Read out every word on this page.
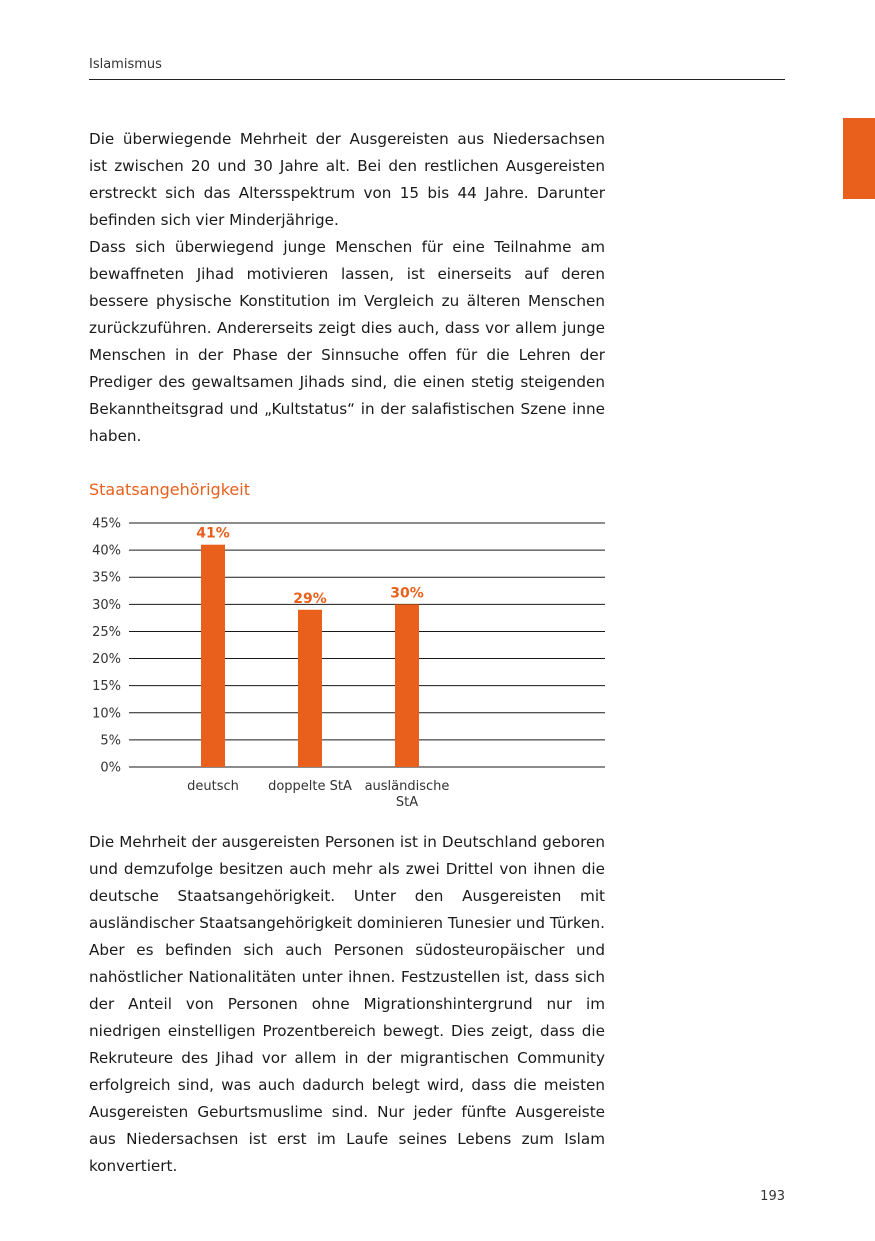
Islamismus
Die überwiegende Mehrheit der Ausgereisten aus Niedersachsen ist zwischen 20 und 30 Jahre alt. Bei den restlichen Ausgereisten erstreckt sich das Altersspektrum von 15 bis 44 Jahre. Darunter befinden sich vier Minderjährige.
Dass sich überwiegend junge Menschen für eine Teilnahme am bewaffneten Jihad motivieren lassen, ist einerseits auf deren bessere physische Konstitution im Vergleich zu älteren Menschen zurückzuführen. Andererseits zeigt dies auch, dass vor allem junge Menschen in der Phase der Sinnsuche offen für die Lehren der Prediger des gewaltsamen Jihads sind, die einen stetig steigenden Bekanntheitsgrad und „Kultstatus“ in der salafistischen Szene inne haben.
Staatsangehörigkeit
0%
5%
10%
15%
20%
25%
30%
35%
40%
45%
41%
deutsch
29%
doppelte StA
30%
ausländische
StA
Die Mehrheit der ausgereisten Personen ist in Deutschland geboren und demzufolge besitzen auch mehr als zwei Drittel von ihnen die deutsche Staatsangehörigkeit. Unter den Ausgereisten mit ausländischer Staatsangehörigkeit dominieren Tunesier und Türken. Aber es befinden sich auch Personen südosteuropäischer und nahöstlicher Nationalitäten unter ihnen. Festzustellen ist, dass sich der Anteil von Personen ohne Migrationshintergrund nur im niedrigen einstelligen Prozentbereich bewegt. Dies zeigt, dass die Rekruteure des Jihad vor allem in der migrantischen Community erfolgreich sind, was auch dadurch belegt wird, dass die meisten Ausgereisten Geburtsmuslime sind. Nur jeder fünfte Ausgereiste aus Niedersachsen ist erst im Laufe seines Lebens zum Islam konvertiert.
193
